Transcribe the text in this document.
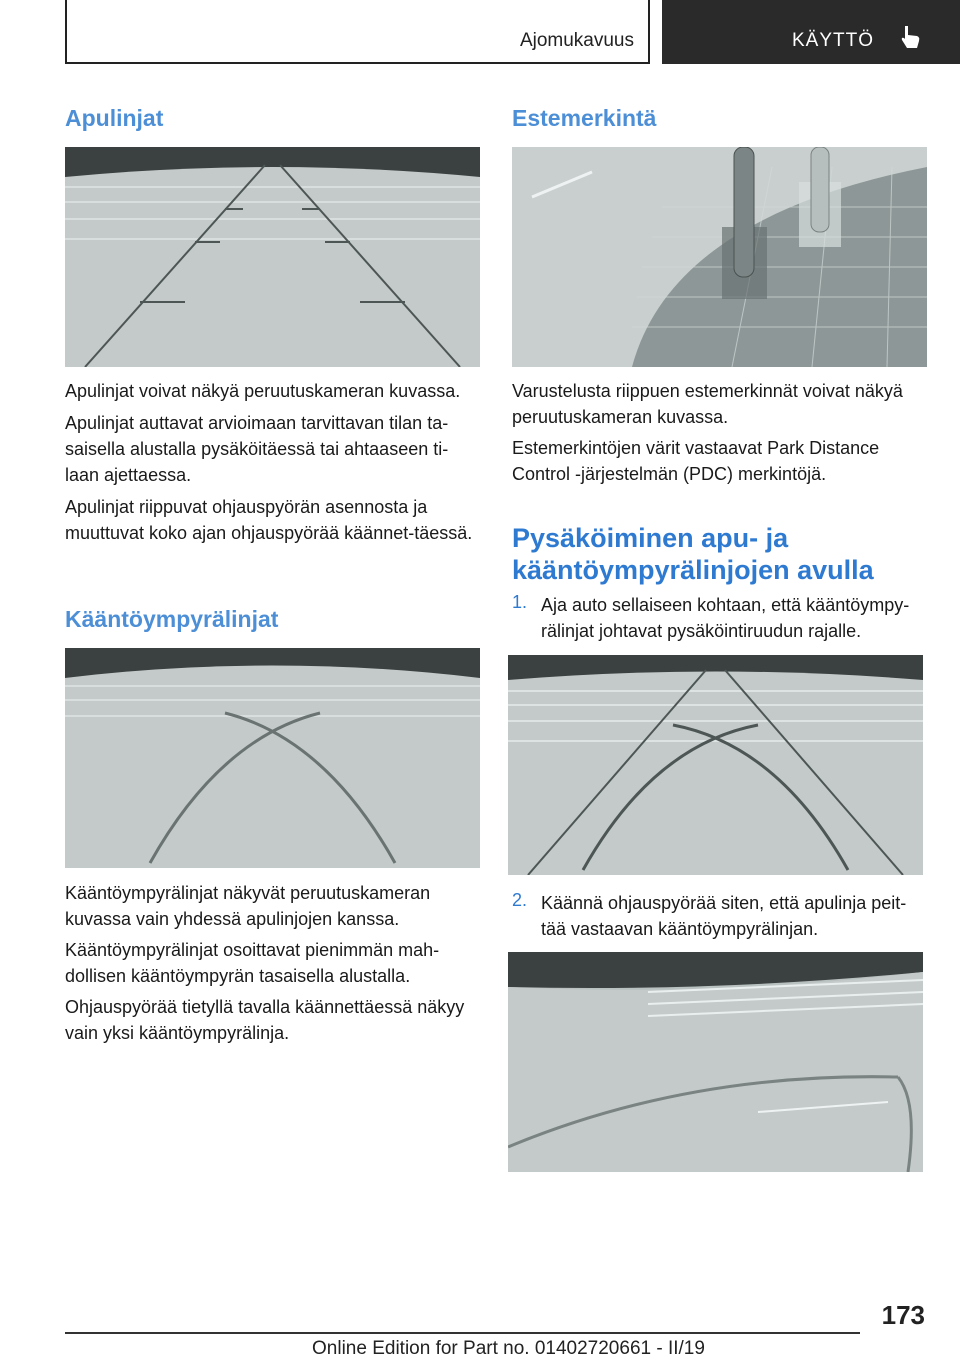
Ajomukavuus	KÄYTTÖ
Apulinjat

Apulinjat voivat näkyä peruutuskameran kuvassa.

Apulinjat auttavat arvioimaan tarvittavan tilan ta‐saisella alustalla pysäköitäessä tai ahtaaseen ti‐laan ajettaessa.

Apulinjat riippuvat ohjauspyörän asennosta ja muuttuvat koko ajan ohjauspyörää käännet‐täessä.

Kääntöympyrälinjat

Kääntöympyrälinjat näkyvät peruutuskameran kuvassa vain yhdessä apulinjojen kanssa.

Kääntöympyrälinjat osoittavat pienimmän mah‐dollisen kääntöympyrän tasaisella alustalla.

Ohjauspyörää tietyllä tavalla käännettäessä näkyy vain yksi kääntöympyrälinja.

Estemerkintä

Varustelusta riippuen estemerkinnät voivat näkyä peruutuskameran kuvassa.

Estemerkintöjen värit vastaavat Park Distance Control ‑järjestelmän (PDC) merkintöjä.

Pysäköiminen apu- ja
kääntöympyrälinjojen avulla
1. Aja auto sellaiseen kohtaan, että kääntöympy‐rälinjat johtavat pysäköintiruudun rajalle.

2. Käännä ohjauspyörää siten, että apulinja peit‐tää vastaavan kääntöympyrälinjan.

173
Online Edition for Part no. 01402720661 - II/19
